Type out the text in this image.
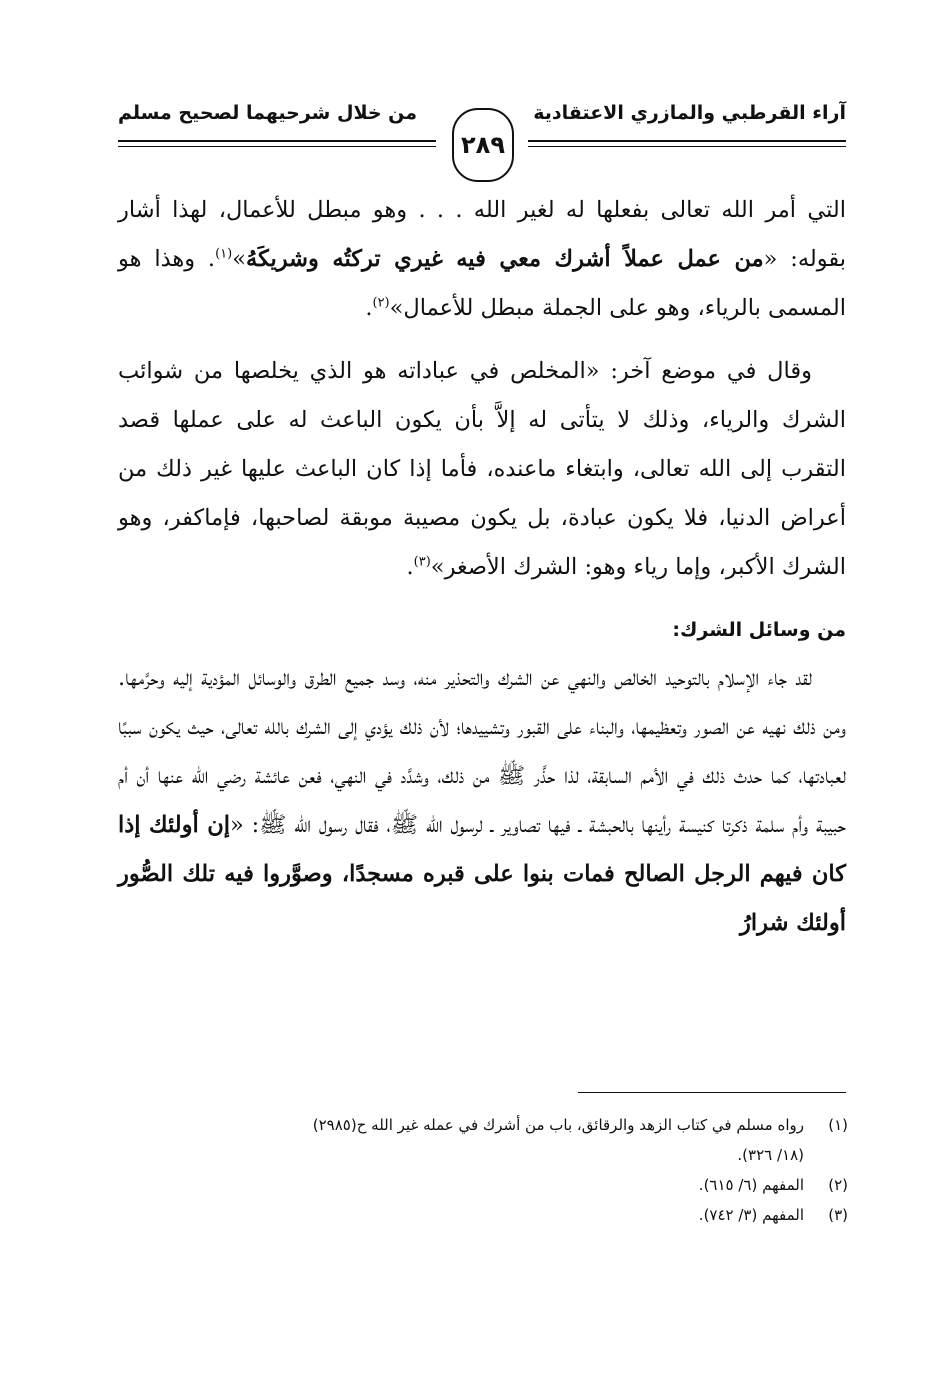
آراء القرطبي والمازري الاعتقادية
من خلال شرحيهما لصحيح مسلم
٢٨٩

التي أمر الله تعالى بفعلها له لغير الله . . . وهو مبطل للأعمال، لهذا أشار بقوله: «من عمل عملاً أشرك معي فيه غيري تركتُه وشريكَهُ»$^{(١)}$. وهذا هو المسمى بالرياء، وهو على الجملة مبطل للأعمال»$^{(٢)}$.

وقال في موضع آخر: «المخلص في عباداته هو الذي يخلصها من شوائب الشرك والرياء، وذلك لا يتأتى له إلاَّ بأن يكون الباعث له على عملها قصد التقرب إلى الله تعالى، وابتغاء ماعنده، فأما إذا كان الباعث عليها غير ذلك من أعراض الدنيا، فلا يكون عبادة، بل يكون مصيبة موبقة لصاحبها، فإماكفر، وهو الشرك الأكبر، وإما رياء وهو: الشرك الأصغر»$^{(٣)}$.

من وسائل الشرك:

لقد جاء الإسلام بالتوحيد الخالص والنهي عن الشرك والتحذير منه، وسد جميع الطرق والوسائل المؤدية إليه وحرَّمها. ومن ذلك نهيه عن الصور وتعظيمها، والبناء على القبور وتشييدها؛ لأن ذلك يؤدي إلى الشرك بالله تعالى، حيث يكون سببًا لعبادتها، كما حدث ذلك في الأمم السابقة، لذا حذَّر ﷺ من ذلك، وشدَّد في النهي، فعن عائشة رضي الله عنها أن أم حبيبة وأم سلمة ذكرتا كنيسة رأينها بالحبشة ـ فيها تصاوير ـ لرسول الله ﷺ، فقال رسول الله ﷺ: «إن أولئك إذا كان فيهم الرجل الصالح فمات بنوا على قبره مسجدًا، وصوَّروا فيه تلك الصُّور أولئك شرارُ

(١)
رواه مسلم في كتاب الزهد والرقائق، باب من أشرك في عمله غير الله ح(٢٩٨٥)
(١٨/ ٣٢٦).
(٢)
المفهم (٦/ ٦١٥).
(٣)
المفهم (٣/ ٧٤٢).
